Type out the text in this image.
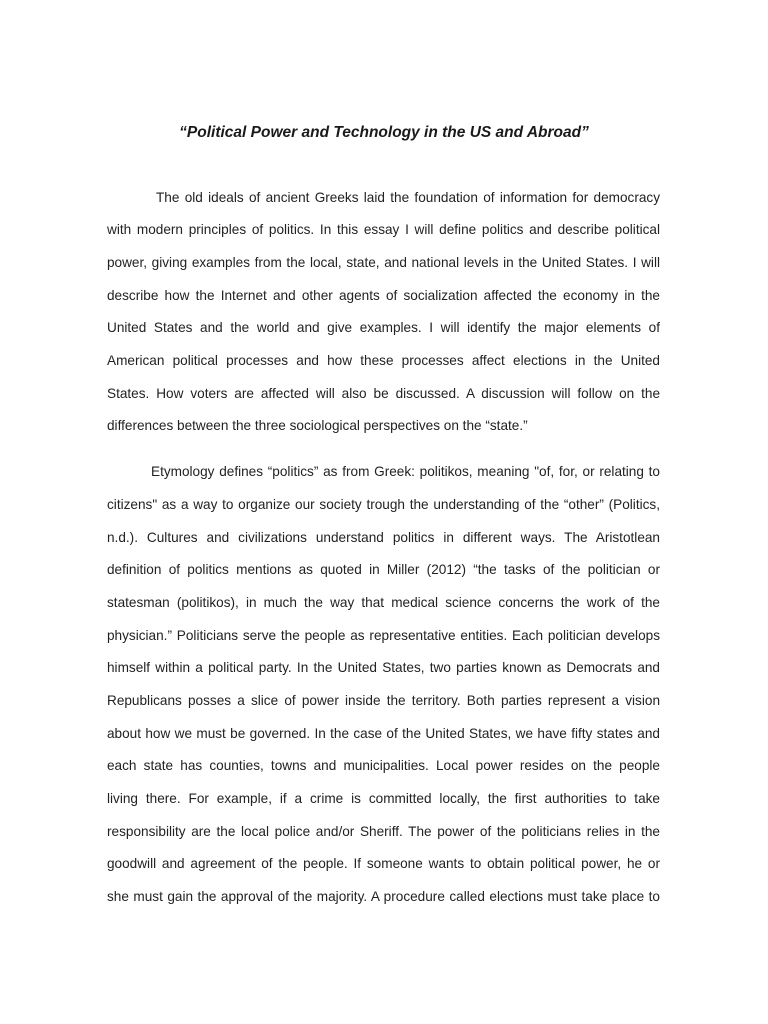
“Political Power and Technology in the US and Abroad”

The old ideals of ancient Greeks laid the foundation of information for democracy

with modern principles of politics. In this essay I will define politics and describe political

power, giving examples from the local, state, and national levels in the United States. I will

describe how the Internet and other agents of socialization affected the economy in the

United States and the world and give examples. I will identify the major elements of

American political processes and how these processes affect elections in the United

States. How voters are affected will also be discussed. A discussion will follow on the

differences between the three sociological perspectives on the “state.”

Etymology defines “politics” as from Greek: politikos, meaning "of, for, or relating to

citizens" as a way to organize our society trough the understanding of the “other” (Politics,

n.d.). Cultures and civilizations understand politics in different ways. The Aristotlean

definition of politics mentions as quoted in Miller (2012) “the tasks of the politician or

statesman (politikos), in much the way that medical science concerns the work of the

physician.” Politicians serve the people as representative entities. Each politician develops

himself within a political party. In the United States, two parties known as Democrats and

Republicans posses a slice of power inside the territory. Both parties represent a vision

about how we must be governed. In the case of the United States, we have fifty states and

each state has counties, towns and municipalities. Local power resides on the people

living there. For example, if a crime is committed locally, the first authorities to take

responsibility are the local police and/or Sheriff. The power of the politicians relies in the

goodwill and agreement of the people. If someone wants to obtain political power, he or

she must gain the approval of the majority. A procedure called elections must take place to
